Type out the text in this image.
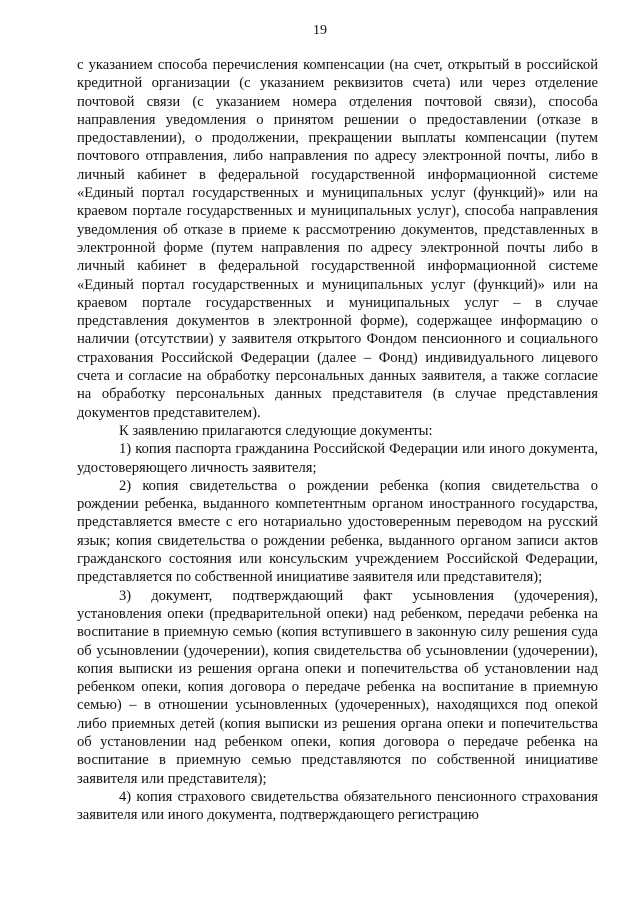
19

с указанием способа перечисления компенсации (на счет, открытый в российской кредитной организации (с указанием реквизитов счета) или через отделение почтовой связи (с указанием номера отделения почтовой связи), способа направления уведомления о принятом решении о предоставлении (отказе в предоставлении), о продолжении, прекращении выплаты компенсации (путем почтового отправления, либо направления по адресу электронной почты, либо в личный кабинет в федеральной государственной информационной системе «Единый портал государственных и муниципальных услуг (функций)» или на краевом портале государственных и муниципальных услуг), способа направления уведомления об отказе в приеме к рассмотрению документов, представленных в электронной форме (путем направления по адресу электронной почты либо в личный кабинет в федеральной государственной информационной системе «Единый портал государственных и муниципальных услуг (функций)» или на краевом портале государственных и муниципальных услуг – в случае представления документов в электронной форме), содержащее информацию о наличии (отсутствии) у заявителя открытого Фондом пенсионного и социального страхования Российской Федерации (далее – Фонд) индивидуального лицевого счета и согласие на обработку персональных данных заявителя, а также согласие на обработку персональных данных представителя (в случае представления документов представителем).

К заявлению прилагаются следующие документы:

1) копия паспорта гражданина Российской Федерации или иного документа, удостоверяющего личность заявителя;

2) копия свидетельства о рождении ребенка (копия свидетельства о рождении ребенка, выданного компетентным органом иностранного государства, представляется вместе с его нотариально удостоверенным переводом на русский язык; копия свидетельства о рождении ребенка, выданного органом записи актов гражданского состояния или консульским учреждением Российской Федерации, представляется по собственной инициативе заявителя или представителя);

3) документ, подтверждающий факт усыновления (удочерения), установления опеки (предварительной опеки) над ребенком, передачи ребенка на воспитание в приемную семью (копия вступившего в законную силу решения суда об усыновлении (удочерении), копия свидетельства об усыновлении (удочерении), копия выписки из решения органа опеки и попечительства об установлении над ребенком опеки, копия договора о передаче ребенка на воспитание в приемную семью) – в отношении усыновленных (удочеренных), находящихся под опекой либо приемных детей (копия выписки из решения органа опеки и попечительства об установлении над ребенком опеки, копия договора о передаче ребенка на воспитание в приемную семью представляются по собственной инициативе заявителя или представителя);

4) копия страхового свидетельства обязательного пенсионного страхования заявителя или иного документа, подтверждающего регистрацию
